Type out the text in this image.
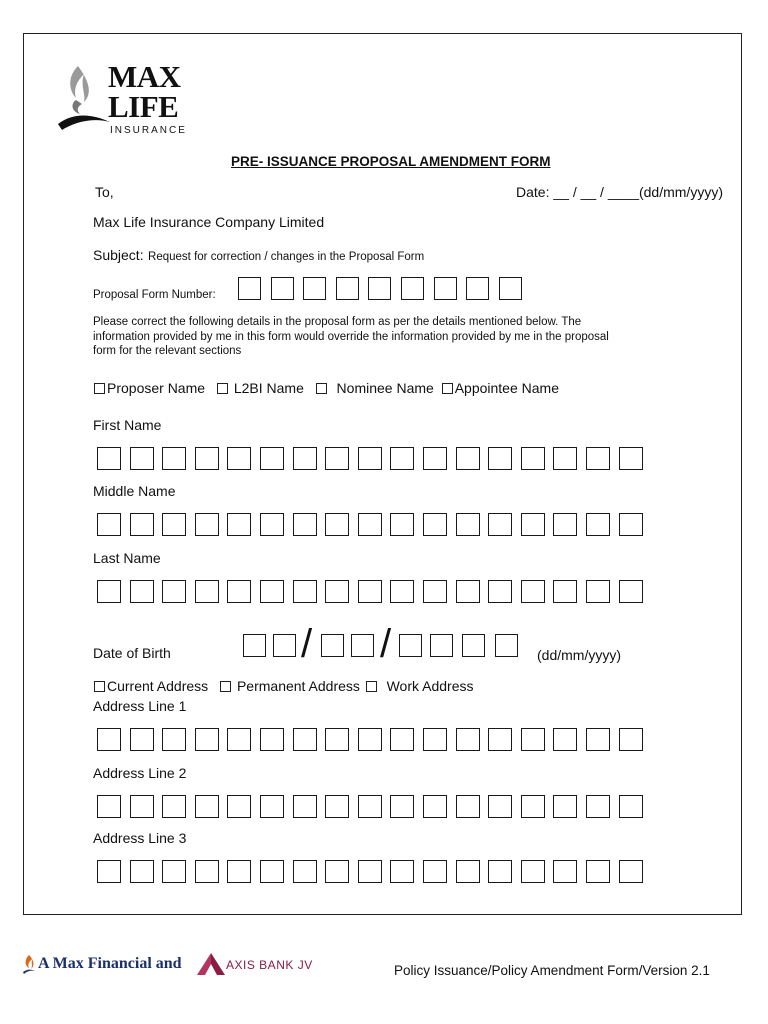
MAX
LIFE
INSURANCE
PRE- ISSUANCE PROPOSAL AMENDMENT FORM
To,	Date: __ / __ / ____(dd/mm/yyyy)
Max Life Insurance Company Limited
Subject: Request for correction / changes in the Proposal Form
Proposal Form Number:
Please correct the following details in the proposal form as per the details mentioned below. The
information provided by me in this form would override the information provided by me in the proposal
form for the relevant sections
Proposer Name L2BI Name Nominee Name Appointee Name
First Name
Middle Name
Last Name
Date of Birth	/ /	(dd/mm/yyyy)
Current Address Permanent Address Work Address
Address Line 1
Address Line 2
Address Line 3
A Max Financial and	AXIS BANK JV	Policy Issuance/Policy Amendment Form/Version 2.1
